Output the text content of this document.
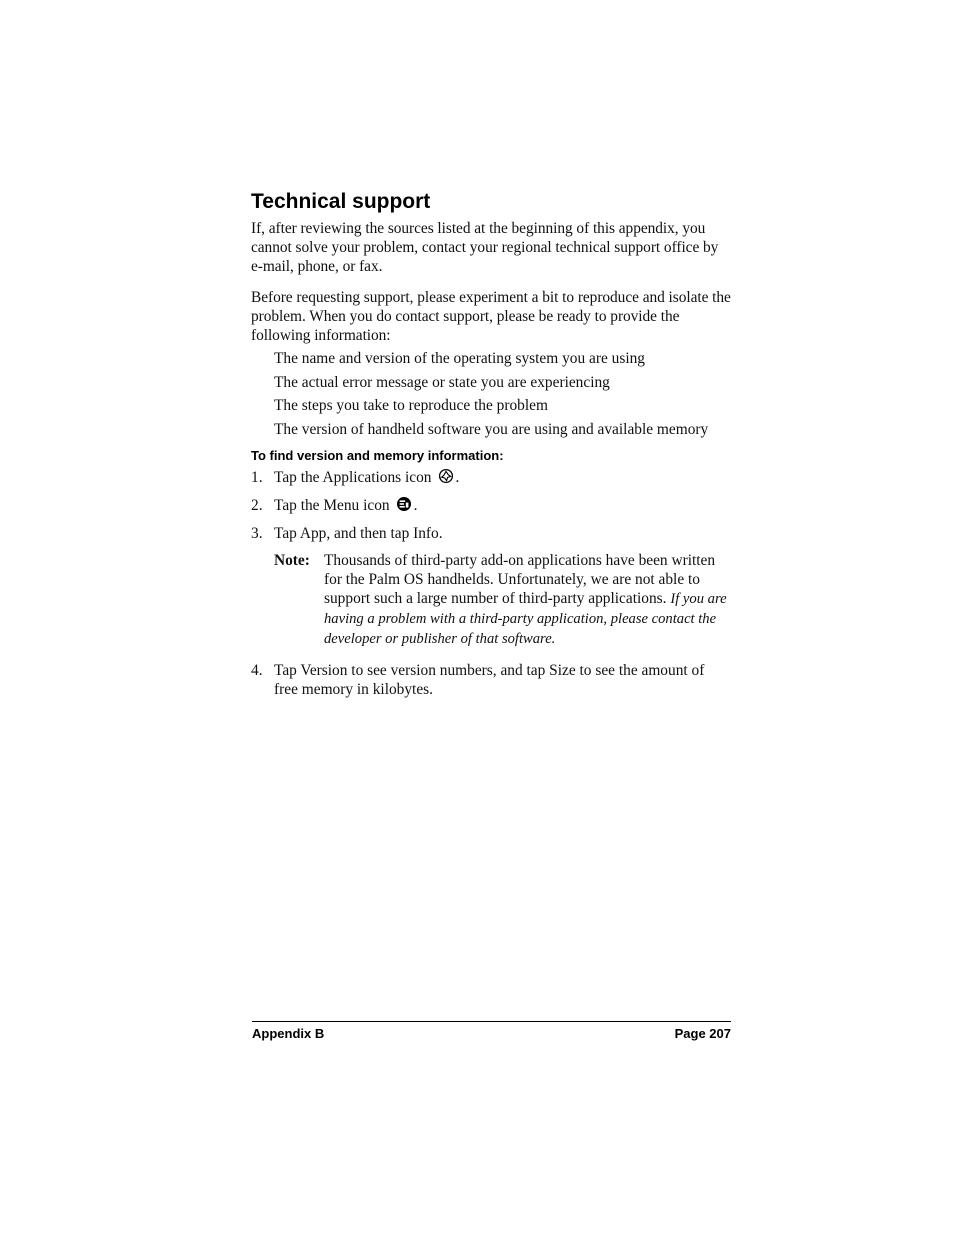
Technical support

If, after reviewing the sources listed at the beginning of this appendix, you cannot solve your problem, contact your regional technical support office by e-mail, phone, or fax.

Before requesting support, please experiment a bit to reproduce and isolate the problem. When you do contact support, please be ready to provide the following information:

The name and version of the operating system you are using
The actual error message or state you are experiencing
The steps you take to reproduce the problem
The version of handheld software you are using and available memory
To find version and memory information:
1. Tap the Applications icon .
2. Tap the Menu icon .
3. Tap App, and then tap Info.
Note: Thousands of third-party add-on applications have been written for the Palm OS handhelds. Unfortunately, we are not able to support such a large number of third-party applications. If you are having a problem with a third-party application, please contact the developer or publisher of that software.
4. Tap Version to see version numbers, and tap Size to see the amount of free memory in kilobytes.
Appendix B	Page 207
